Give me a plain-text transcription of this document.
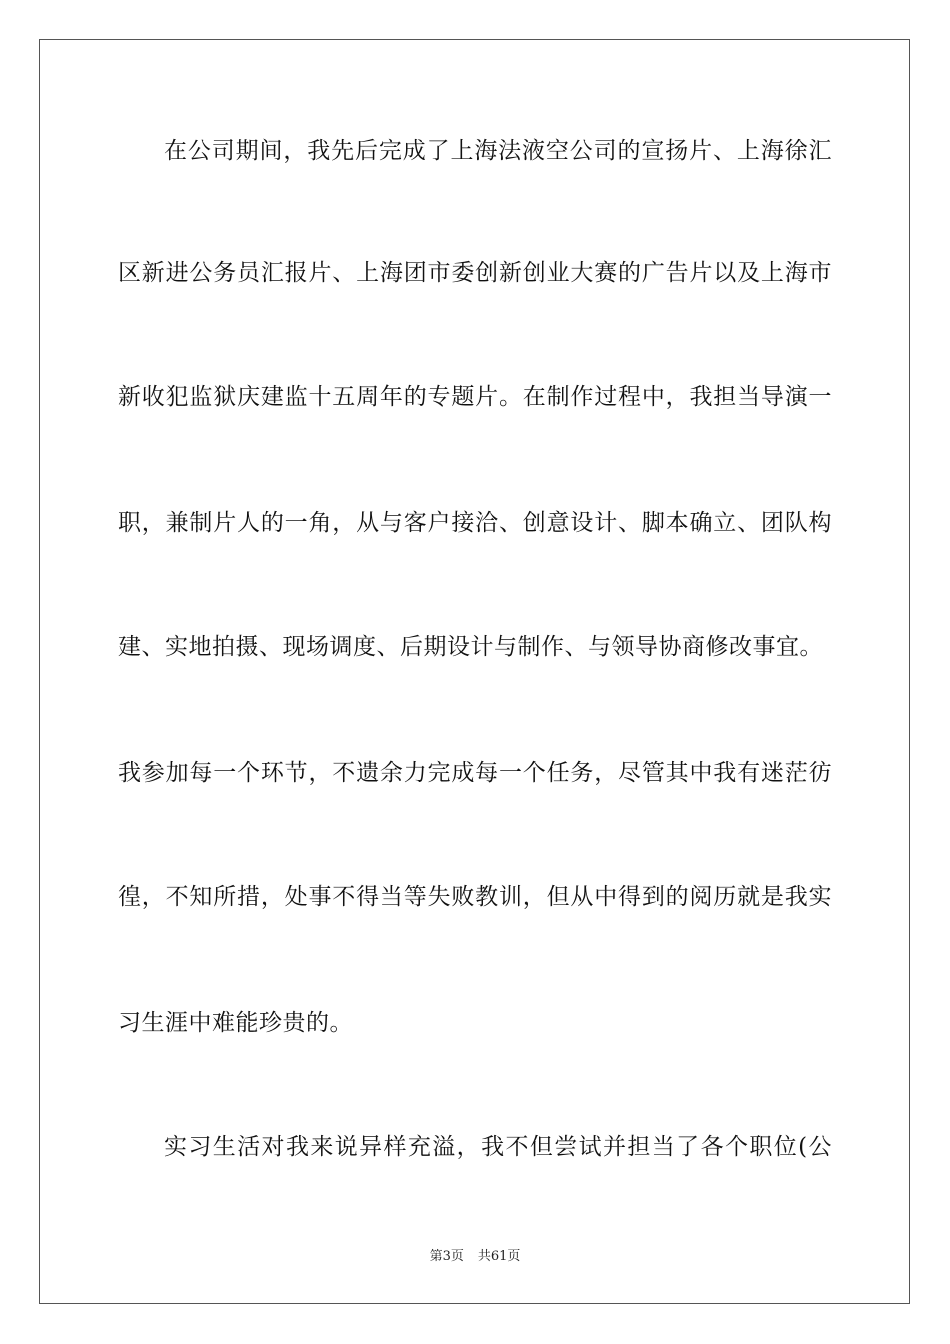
在公司期间，我先后完成了上海法液空公司的宣扬片、上海徐汇
区新进公务员汇报片、上海团市委创新创业大赛的广告片以及上海市
新收犯监狱庆建监十五周年的专题片。在制作过程中，我担当导演一
职，兼制片人的一角，从与客户接洽、创意设计、脚本确立、团队构
建、实地拍摄、现场调度、后期设计与制作、与领导协商修改事宜。
我参加每一个环节，不遗余力完成每一个任务，尽管其中我有迷茫彷
徨，不知所措，处事不得当等失败教训，但从中得到的阅历就是我实
习生涯中难能珍贵的。
实习生活对我来说异样充溢，我不但尝试并担当了各个职位(公
第3页 共61页
